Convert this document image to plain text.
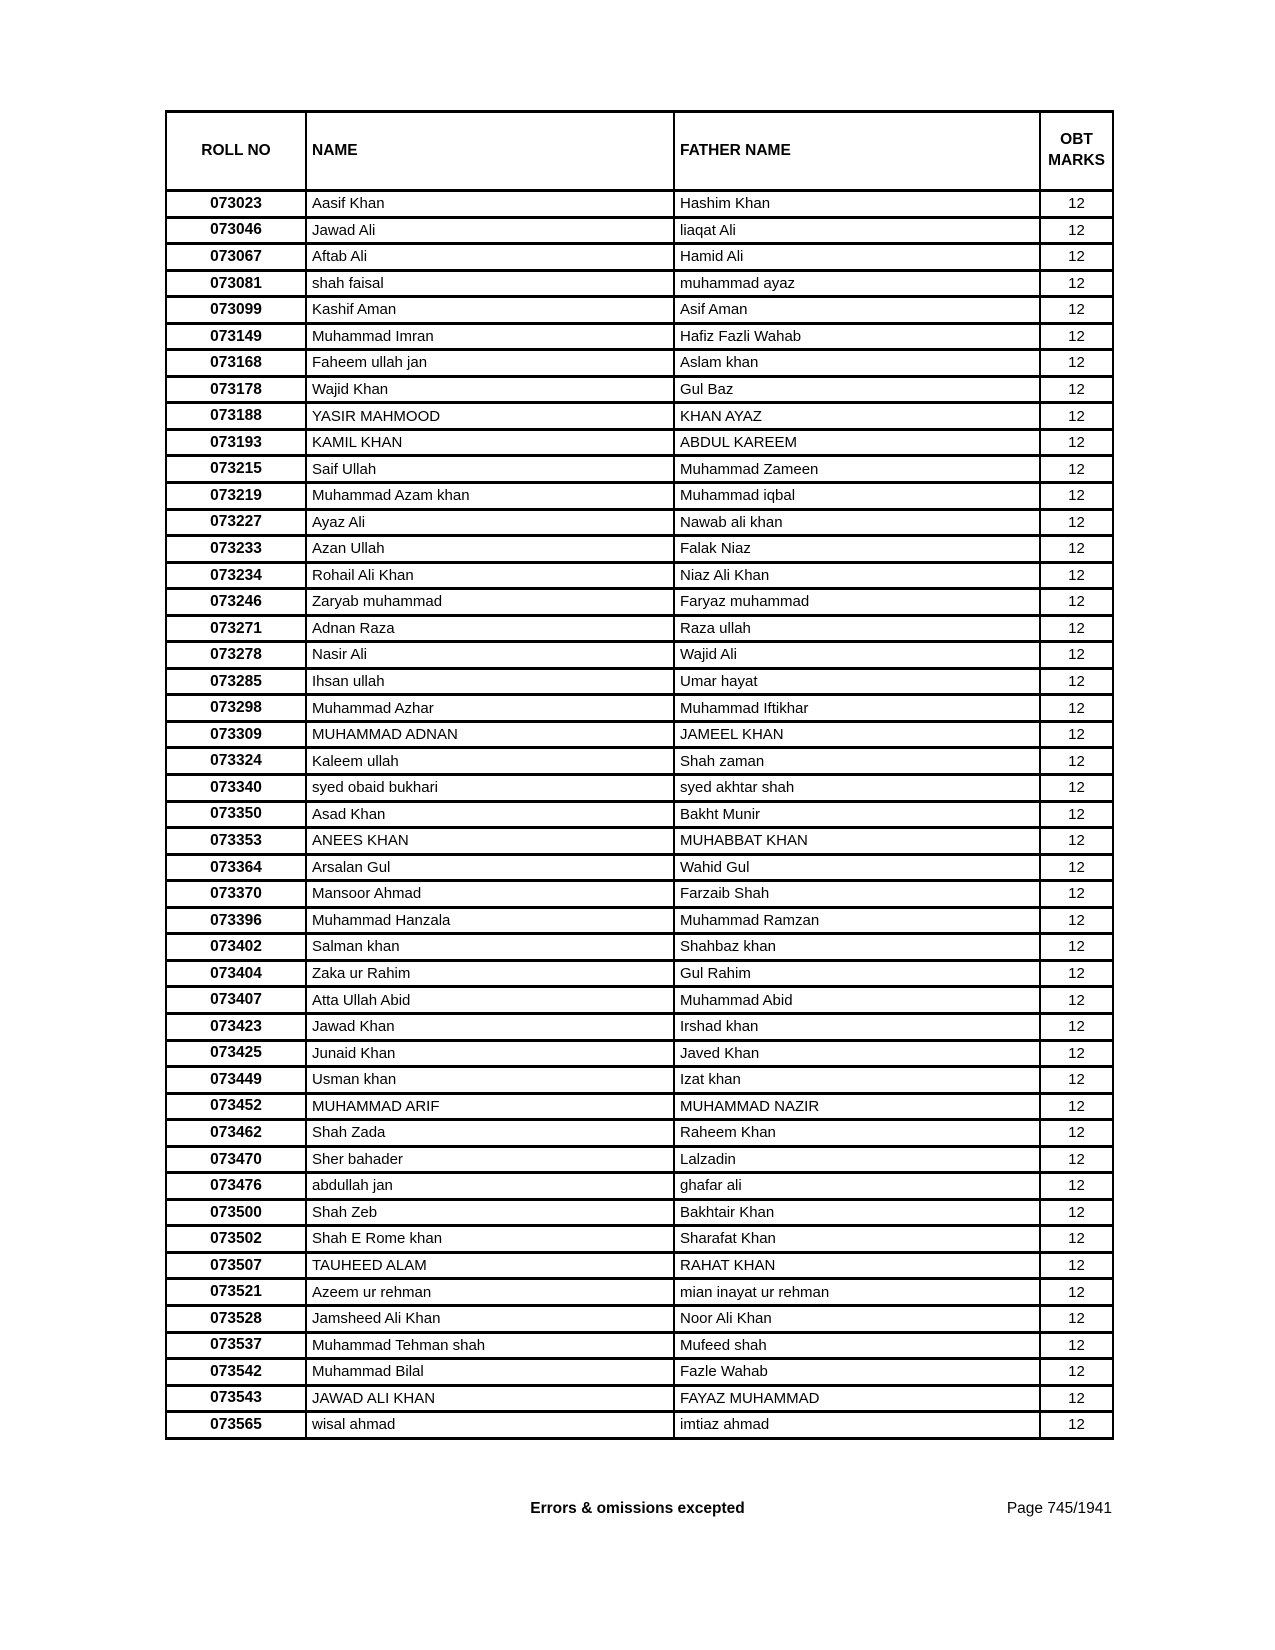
ROLL NO	NAME	FATHER NAME	OBT MARKS
073023	Aasif Khan	Hashim Khan	12
073046	Jawad Ali	liaqat Ali	12
073067	Aftab Ali	Hamid Ali	12
073081	shah faisal	muhammad ayaz	12
073099	Kashif Aman	Asif Aman	12
073149	Muhammad Imran	Hafiz Fazli Wahab	12
073168	Faheem ullah jan	Aslam khan	12
073178	Wajid Khan	Gul Baz	12
073188	YASIR MAHMOOD	KHAN AYAZ	12
073193	KAMIL KHAN	ABDUL KAREEM	12
073215	Saif Ullah	Muhammad Zameen	12
073219	Muhammad Azam khan	Muhammad iqbal	12
073227	Ayaz Ali	Nawab ali khan	12
073233	Azan Ullah	Falak Niaz	12
073234	Rohail Ali Khan	Niaz Ali Khan	12
073246	Zaryab muhammad	Faryaz muhammad	12
073271	Adnan Raza	Raza ullah	12
073278	Nasir Ali	Wajid Ali	12
073285	Ihsan ullah	Umar hayat	12
073298	Muhammad Azhar	Muhammad Iftikhar	12
073309	MUHAMMAD ADNAN	JAMEEL KHAN	12
073324	Kaleem ullah	Shah zaman	12
073340	syed obaid bukhari	syed akhtar shah	12
073350	Asad Khan	Bakht Munir	12
073353	ANEES KHAN	MUHABBAT KHAN	12
073364	Arsalan Gul	Wahid Gul	12
073370	Mansoor Ahmad	Farzaib Shah	12
073396	Muhammad Hanzala	Muhammad Ramzan	12
073402	Salman khan	Shahbaz khan	12
073404	Zaka ur Rahim	Gul Rahim	12
073407	Atta Ullah Abid	Muhammad Abid	12
073423	Jawad Khan	Irshad khan	12
073425	Junaid Khan	Javed Khan	12
073449	Usman khan	Izat khan	12
073452	MUHAMMAD ARIF	MUHAMMAD NAZIR	12
073462	Shah Zada	Raheem Khan	12
073470	Sher bahader	Lalzadin	12
073476	abdullah jan	ghafar ali	12
073500	Shah Zeb	Bakhtair Khan	12
073502	Shah E Rome khan	Sharafat Khan	12
073507	TAUHEED ALAM	RAHAT KHAN	12
073521	Azeem ur rehman	mian inayat ur rehman	12
073528	Jamsheed Ali Khan	Noor Ali Khan	12
073537	Muhammad Tehman shah	Mufeed shah	12
073542	Muhammad Bilal	Fazle Wahab	12
073543	JAWAD ALI KHAN	FAYAZ MUHAMMAD	12
073565	wisal ahmad	imtiaz ahmad	12
Errors & omissions excepted	Page 745/1941
